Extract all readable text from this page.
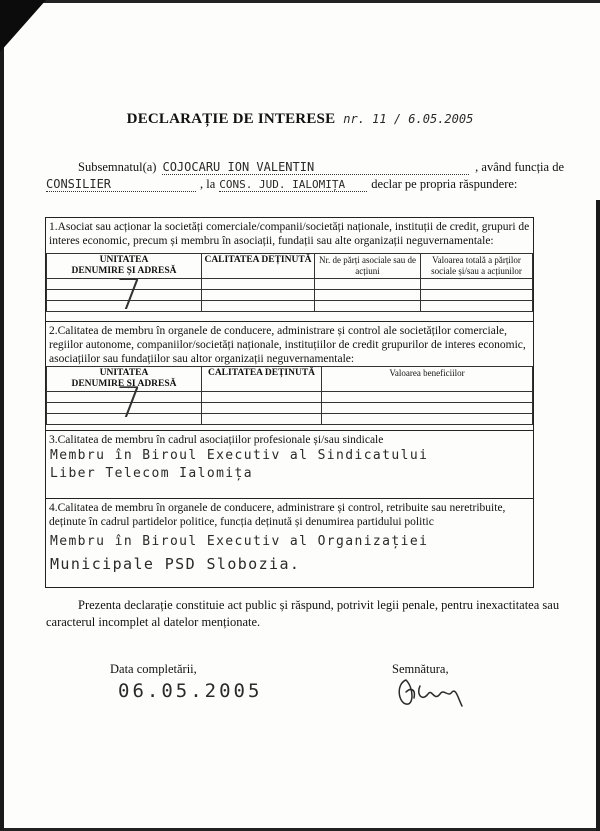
DECLARAȚIE DE INTERESE nr. 11 / 6.05.2005
Subsemnatul(a) COJOCARU ION VALENTIN	, având funcția de
CONSILIER	, la CONS. JUD. IALOMIȚA	declar pe propria răspundere:
1.Asociat sau acționar la societăți comerciale/companii/societăți naționale, instituții de credit, grupuri de interes economic, precum și membru în asociații, fundații sau alte organizații neguvernamentale:
UNITATEA
DENUMIRE ȘI ADRESĂ	CALITATEA DEȚINUTĂ	Nr. de părți asociale sau de acțiuni	Valoarea totală a părților sociale și/sau a acțiunilor

7
2.Calitatea de membru în organele de conducere, administrare și control ale societăților comerciale, regiilor autonome, companiilor/societăți naționale, instituțiilor de credit grupurilor de interes economic, asociațiilor sau fundațiilor sau altor organizații neguvernamentale:
UNITATEA
DENUMIRE ȘI ADRESĂ	CALITATEA DEȚINUTĂ	Valoarea beneficiilor

7
3.Calitatea de membru în cadrul asociațiilor profesionale și/sau sindicale
Membru în Biroul Executiv al Sindicatului
Liber Telecom Ialomița
4.Calitatea de membru în organele de conducere, administrare și control, retribuite sau neretribuite, deținute în cadrul partidelor politice, funcția deținută și denumirea partidului politic
Membru în Biroul Executiv al Organizației
Municipale PSD Slobozia.
Prezenta declarație constituie act public și răspund, potrivit legii penale, pentru inexactitatea sau caracterul incomplet al datelor menționate.
Data completării,	Semnătura,
06.05.2005
